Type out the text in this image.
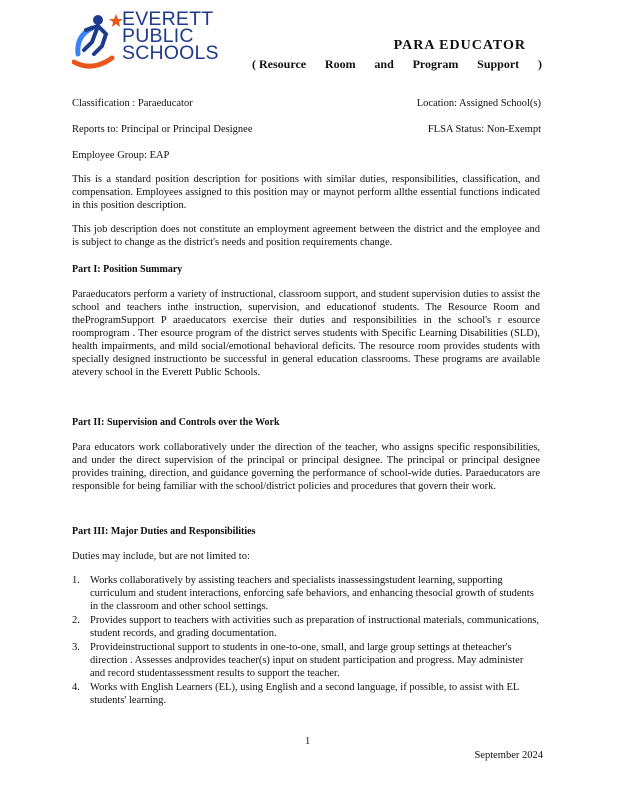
EVERETT
PUBLIC
SCHOOLS	PARA EDUCATOR
( Resource Room and Program Support )
Classification : Paraeducator	Location: Assigned School(s)
Reports to: Principal or Principal Designee	FLSA Status: Non-Exempt
Employee Group: EAP

This is a standard position description for positions with similar duties, responsibilities, classification, and compensation. Employees assigned to this position may or maynot perform allthe essential functions indicated in this position description.

This job description does not constitute an employment agreement between the district and the employee and is subject to change as the district's needs and position requirements change.

Part I: Position Summary

Paraeducators perform a variety of instructional, classroom support, and student supervision duties to assist the school and teachers inthe instruction, supervision, and educationof students. The Resource Room and theProgramSupport P araeducators exercise their duties and responsibilities in the school's r esource roomprogram . Ther esource program of the district serves students with Specific Learning Disabilities (SLD), health impairments, and mild social/emotional behavioral deficits. The resource room provides students with specially designed instructionto be successful in general education classrooms. These programs are available atevery school in the Everett Public Schools.

Part II: Supervision and Controls over the Work

Para educators work collaboratively under the direction of the teacher, who assigns specific responsibilities, and under the direct supervision of the principal or principal designee. The principal or principal designee provides training, direction, and guidance governing the performance of school-wide duties. Paraeducators are responsible for being familiar with the school/district policies and procedures that govern their work.

Part III: Major Duties and Responsibilities
Duties may include, but are not limited to:
1. Works collaboratively by assisting teachers and specialists inassessingstudent learning, supporting curriculum and student interactions, enforcing safe behaviors, and enhancing thesocial growth of students in the classroom and other school settings.
2. Provides support to teachers with activities such as preparation of instructional materials, communications, student records, and grading documentation.
3. Provideinstructional support to students in one-to-one, small, and large group settings at theteacher's direction . Assesses andprovides teacher(s) input on student participation and progress. May administer and record studentassessment results to support the teacher.
4. Works with English Learners (EL), using English and a second language, if possible, to assist with EL students' learning.
1
September 2024
